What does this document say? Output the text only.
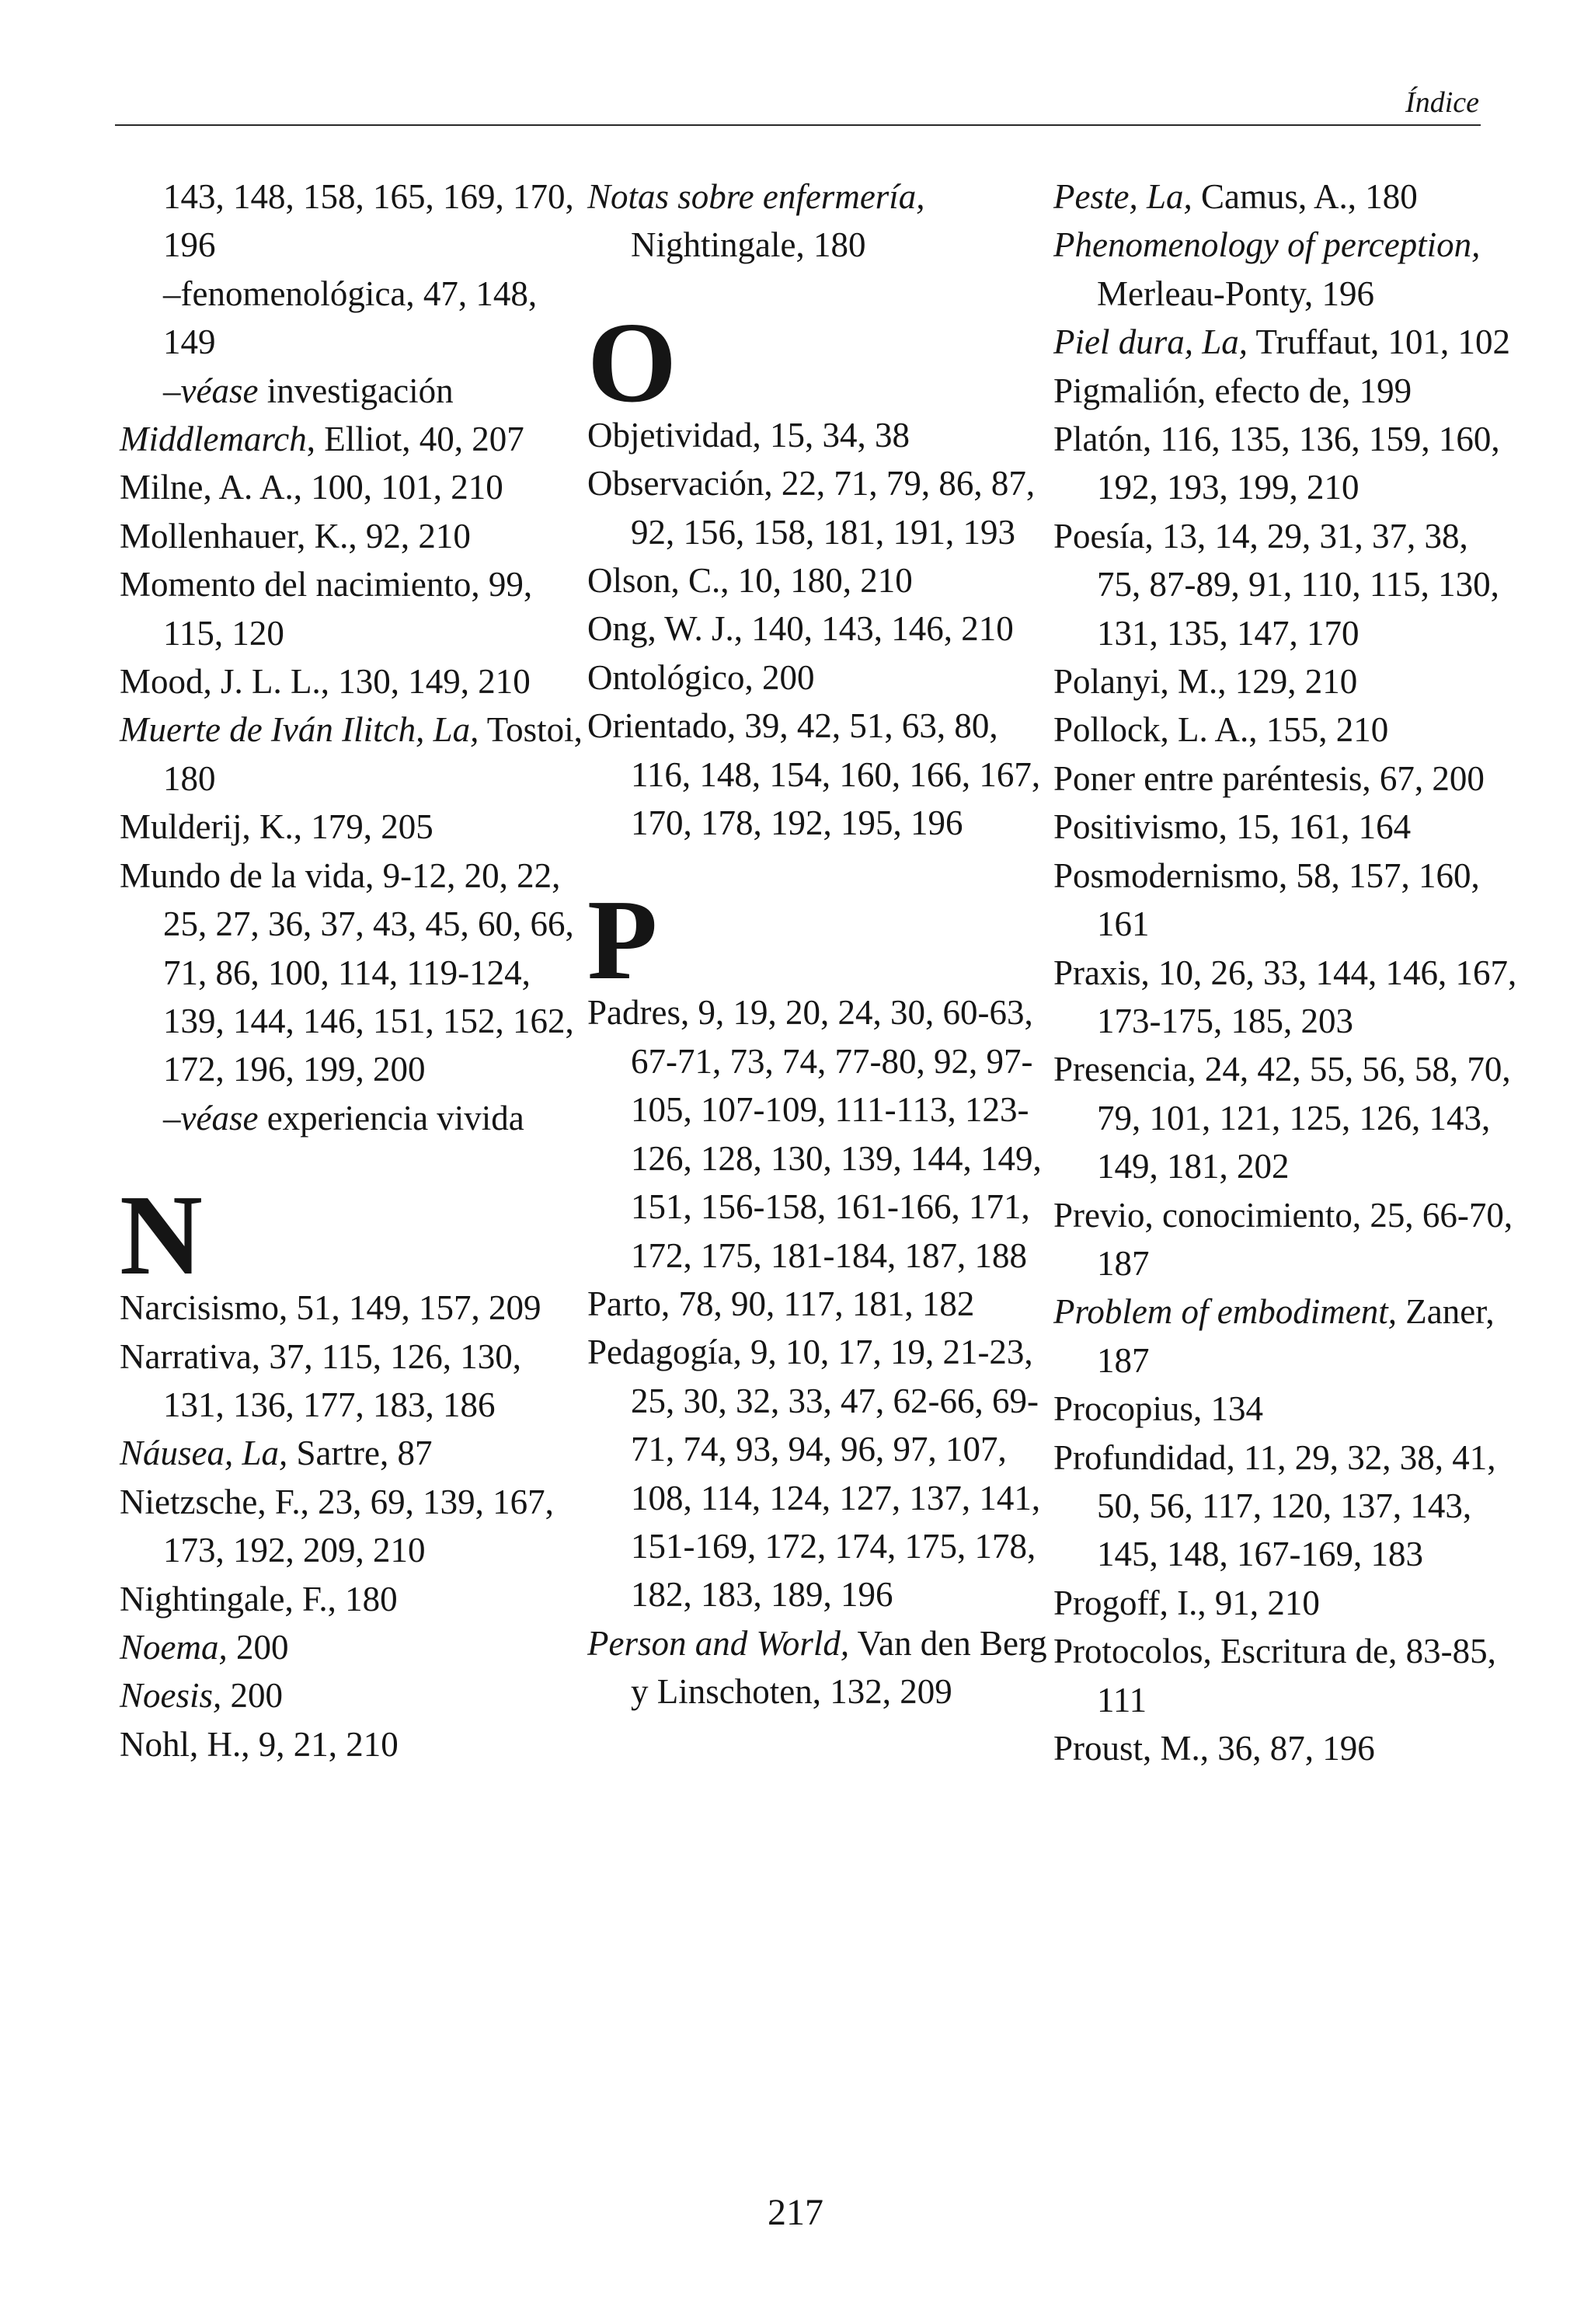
Índice

143, 148, 158, 165, 169, 170, 196

–fenomenológica, 47, 148, 149

–véase investigación

Middlemarch, Elliot, 40, 207

Milne, A. A., 100, 101, 210

Mollenhauer, K., 92, 210

Momento del nacimiento, 99, 115, 120

Mood, J. L. L., 130, 149, 210

Muerte de Iván Ilitch, La, Tostoi, 180

Mulderij, K., 179, 205

Mundo de la vida, 9-12, 20, 22, 25, 27, 36, 37, 43, 45, 60, 66, 71, 86, 100, 114, 119-124, 139, 144, 146, 151, 152, 162, 172, 196, 199, 200

–véase experiencia vivida

N

Narcisismo, 51, 149, 157, 209

Narrativa, 37, 115, 126, 130, 131, 136, 177, 183, 186

Náusea, La, Sartre, 87

Nietzsche, F., 23, 69, 139, 167, 173, 192, 209, 210

Nightingale, F., 180

Noema, 200

Noesis, 200

Nohl, H., 9, 21, 210

Notas sobre enfermería, Nightingale, 180

O

Objetividad, 15, 34, 38

Observación, 22, 71, 79, 86, 87, 92, 156, 158, 181, 191, 193

Olson, C., 10, 180, 210

Ong, W. J., 140, 143, 146, 210

Ontológico, 200

Orientado, 39, 42, 51, 63, 80, 116, 148, 154, 160, 166, 167, 170, 178, 192, 195, 196

P

Padres, 9, 19, 20, 24, 30, 60-63, 67-71, 73, 74, 77-80, 92, 97-105, 107-109, 111-113, 123-126, 128, 130, 139, 144, 149, 151, 156-158, 161-166, 171, 172, 175, 181-184, 187, 188

Parto, 78, 90, 117, 181, 182

Pedagogía, 9, 10, 17, 19, 21-23, 25, 30, 32, 33, 47, 62-66, 69-71, 74, 93, 94, 96, 97, 107, 108, 114, 124, 127, 137, 141, 151-169, 172, 174, 175, 178, 182, 183, 189, 196

Person and World, Van den Berg y Linschoten, 132, 209

Peste, La, Camus, A., 180

Phenomenology of perception, Merleau-Ponty, 196

Piel dura, La, Truffaut, 101, 102

Pigmalión, efecto de, 199

Platón, 116, 135, 136, 159, 160, 192, 193, 199, 210

Poesía, 13, 14, 29, 31, 37, 38, 75, 87-89, 91, 110, 115, 130, 131, 135, 147, 170

Polanyi, M., 129, 210

Pollock, L. A., 155, 210

Poner entre paréntesis, 67, 200

Positivismo, 15, 161, 164

Posmodernismo, 58, 157, 160, 161

Praxis, 10, 26, 33, 144, 146, 167, 173-175, 185, 203

Presencia, 24, 42, 55, 56, 58, 70, 79, 101, 121, 125, 126, 143, 149, 181, 202

Previo, conocimiento, 25, 66-70, 187

Problem of embodiment, Zaner, 187

Procopius, 134

Profundidad, 11, 29, 32, 38, 41, 50, 56, 117, 120, 137, 143, 145, 148, 167-169, 183

Progoff, I., 91, 210

Protocolos, Escritura de, 83-85, 111

Proust, M., 36, 87, 196

217
